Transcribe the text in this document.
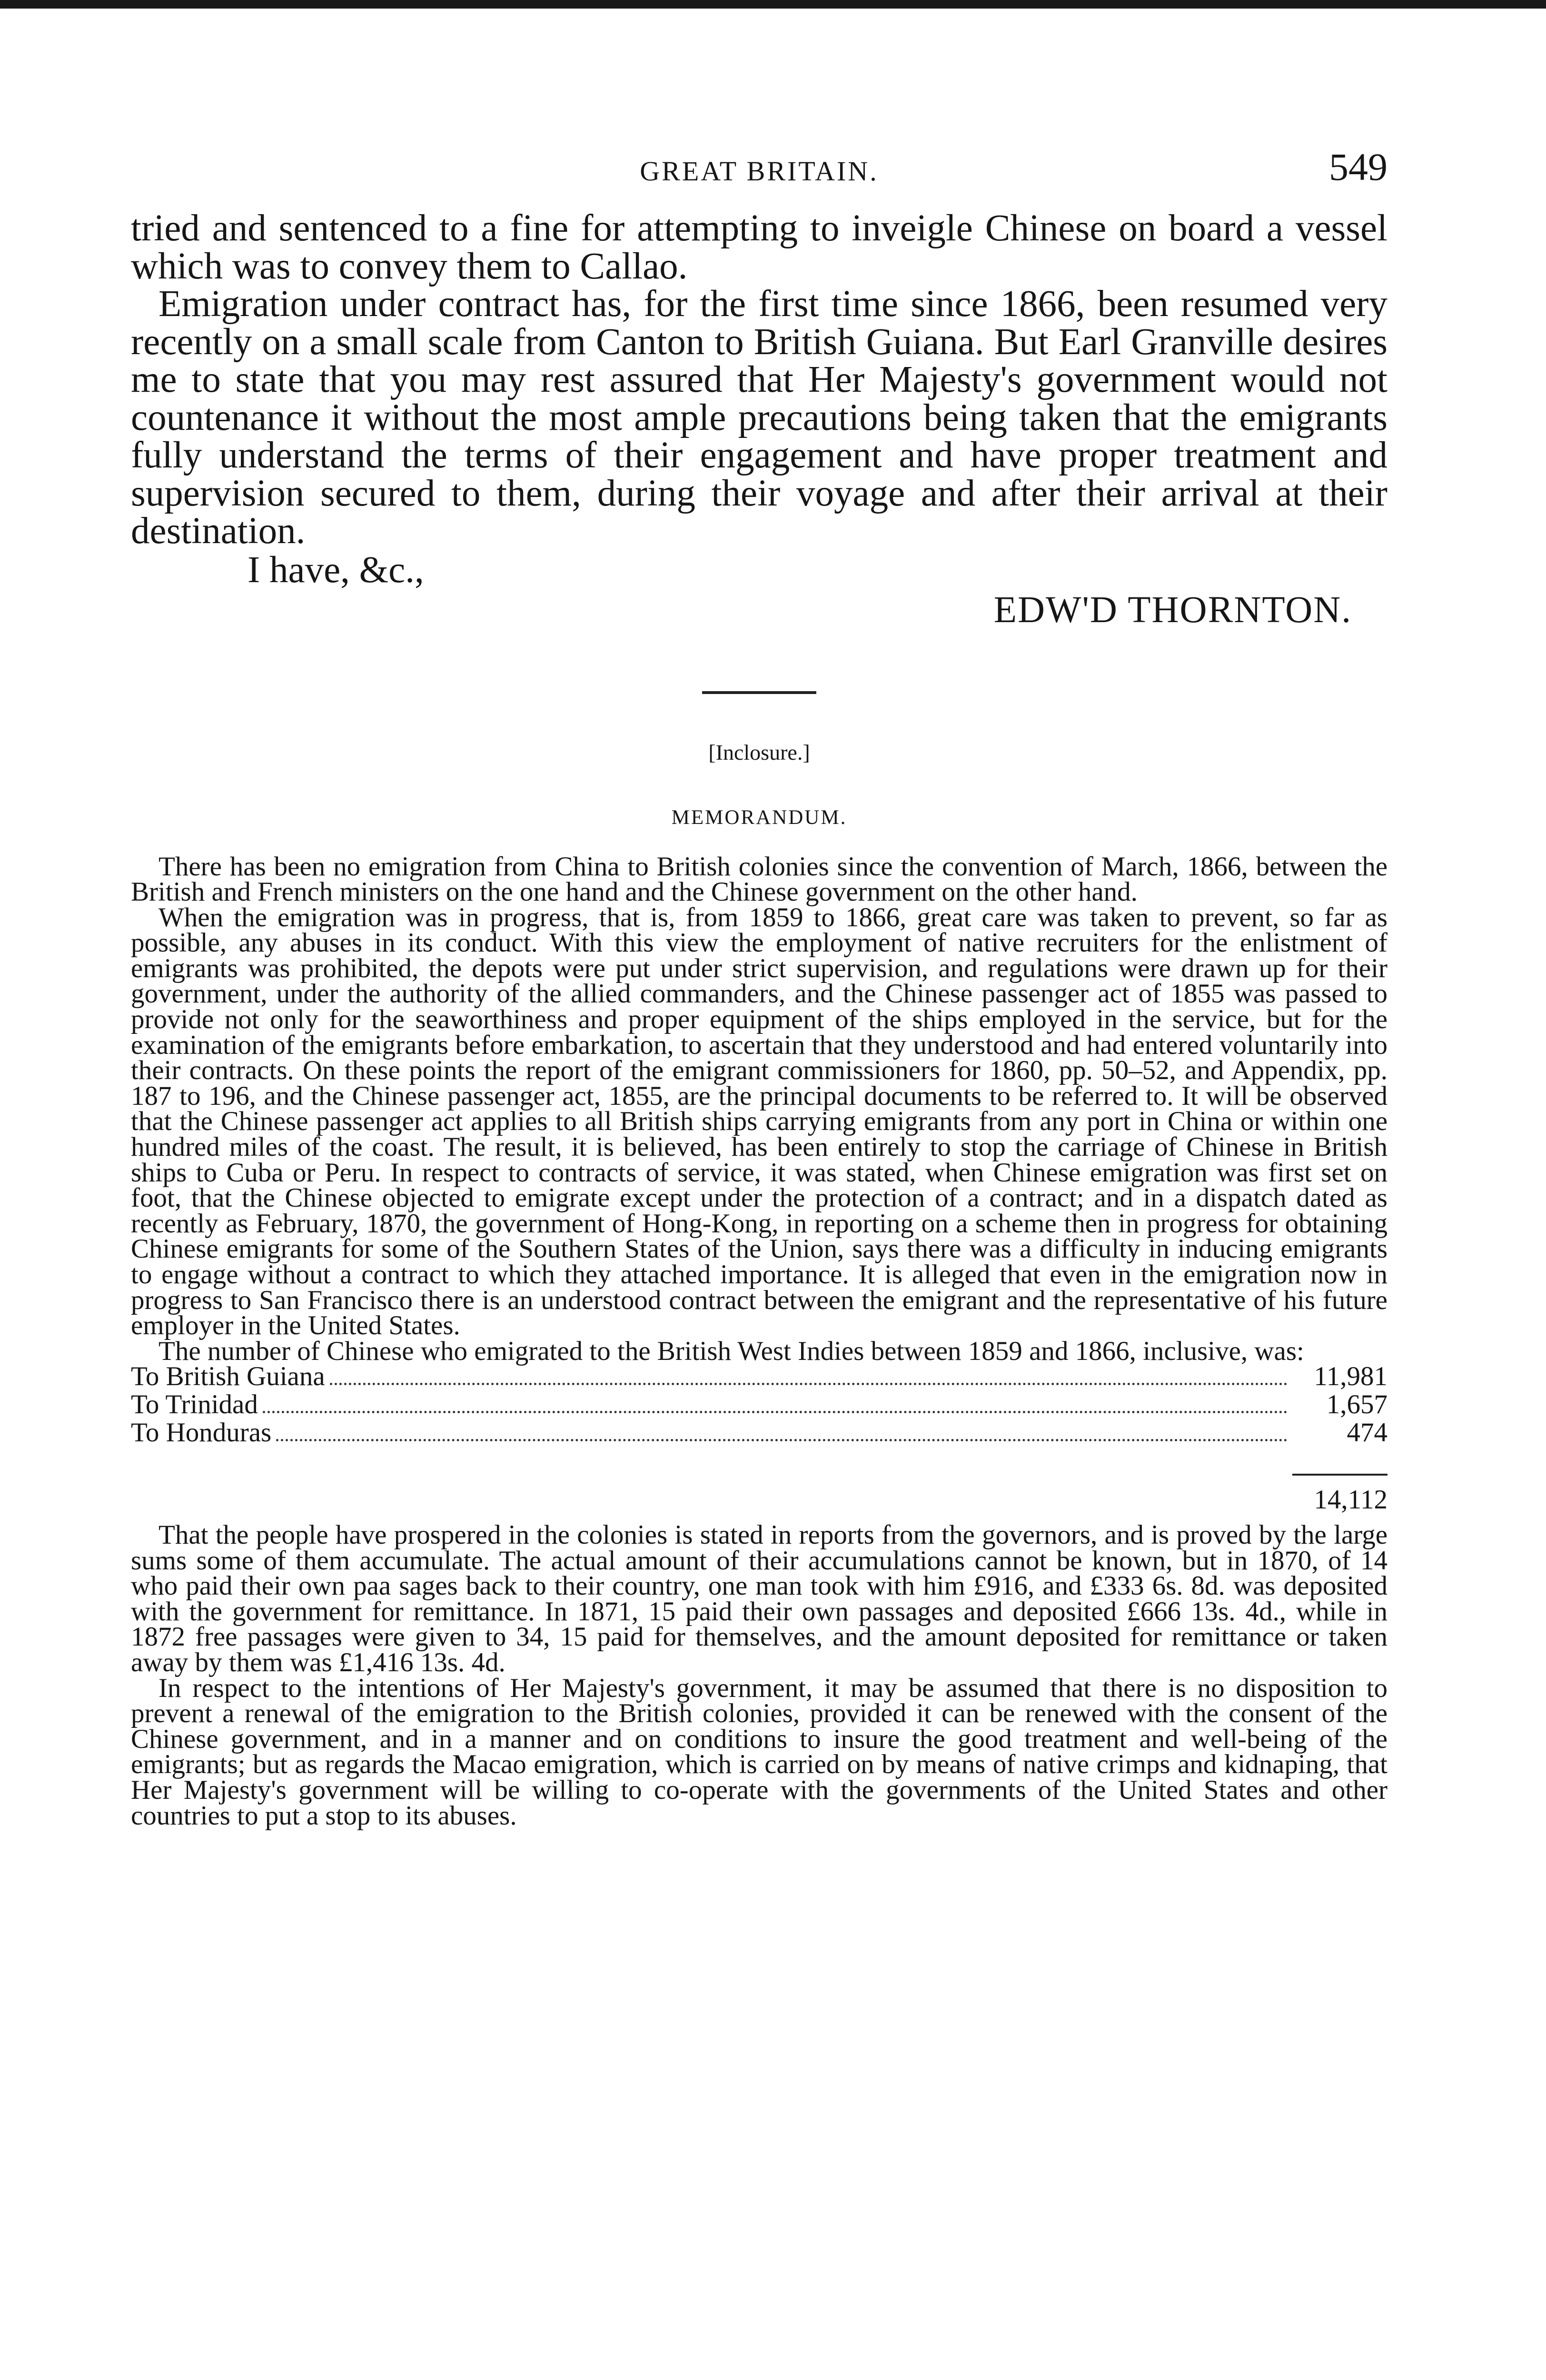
GREAT BRITAIN.	549

tried and sentenced to a fine for attempting to inveigle Chinese on board a vessel which was to convey them to Callao.

Emigration under contract has, for the first time since 1866, been resumed very recently on a small scale from Canton to British Guiana. But Earl Granville desires me to state that you may rest assured that Her Majesty's government would not countenance it without the most ample precautions being taken that the emigrants fully understand the terms of their engagement and have proper treatment and supervision secured to them, during their voyage and after their arrival at their destination.

I have, &c.,
EDW'D THORNTON.
[Inclosure.]
MEMORANDUM.

There has been no emigration from China to British colonies since the convention of March, 1866, between the British and French ministers on the one hand and the Chinese government on the other hand.

When the emigration was in progress, that is, from 1859 to 1866, great care was taken to prevent, so far as possible, any abuses in its conduct. With this view the employment of native recruiters for the enlistment of emigrants was prohibited, the depots were put under strict supervision, and regulations were drawn up for their government, under the authority of the allied commanders, and the Chinese passenger act of 1855 was passed to provide not only for the seaworthiness and proper equipment of the ships employed in the service, but for the examination of the emigrants before embarkation, to ascertain that they understood and had entered voluntarily into their contracts. On these points the report of the emigrant commissioners for 1860, pp. 50–52, and Appendix, pp. 187 to 196, and the Chinese passenger act, 1855, are the principal documents to be referred to. It will be observed that the Chinese passenger act applies to all British ships carrying emigrants from any port in China or within one hundred miles of the coast. The result, it is believed, has been entirely to stop the carriage of Chinese in British ships to Cuba or Peru. In respect to contracts of service, it was stated, when Chinese emigration was first set on foot, that the Chinese objected to emigrate except under the protection of a contract; and in a dispatch dated as recently as February, 1870, the government of Hong-Kong, in reporting on a scheme then in progress for obtaining Chinese emigrants for some of the Southern States of the Union, says there was a difficulty in inducing emigrants to engage without a contract to which they attached importance. It is alleged that even in the emigration now in progress to San Francisco there is an understood contract between the emigrant and the representative of his future employer in the United States.

The number of Chinese who emigrated to the British West Indies between 1859 and 1866, inclusive, was:

To British Guiana	11,981
To Trinidad	1,657
To Honduras	474
14,112

That the people have prospered in the colonies is stated in reports from the governors, and is proved by the large sums some of them accumulate. The actual amount of their accumulations cannot be known, but in 1870, of 14 who paid their own paa sages back to their country, one man took with him £916, and £333 6s. 8d. was deposited with the government for remittance. In 1871, 15 paid their own passages and deposited £666 13s. 4d., while in 1872 free passages were given to 34, 15 paid for themselves, and the amount deposited for remittance or taken away by them was £1,416 13s. 4d.

In respect to the intentions of Her Majesty's government, it may be assumed that there is no disposition to prevent a renewal of the emigration to the British colonies, provided it can be renewed with the consent of the Chinese government, and in a manner and on conditions to insure the good treatment and well-being of the emigrants; but as regards the Macao emigration, which is carried on by means of native crimps and kidnaping, that Her Majesty's government will be willing to co-operate with the governments of the United States and other countries to put a stop to its abuses.
